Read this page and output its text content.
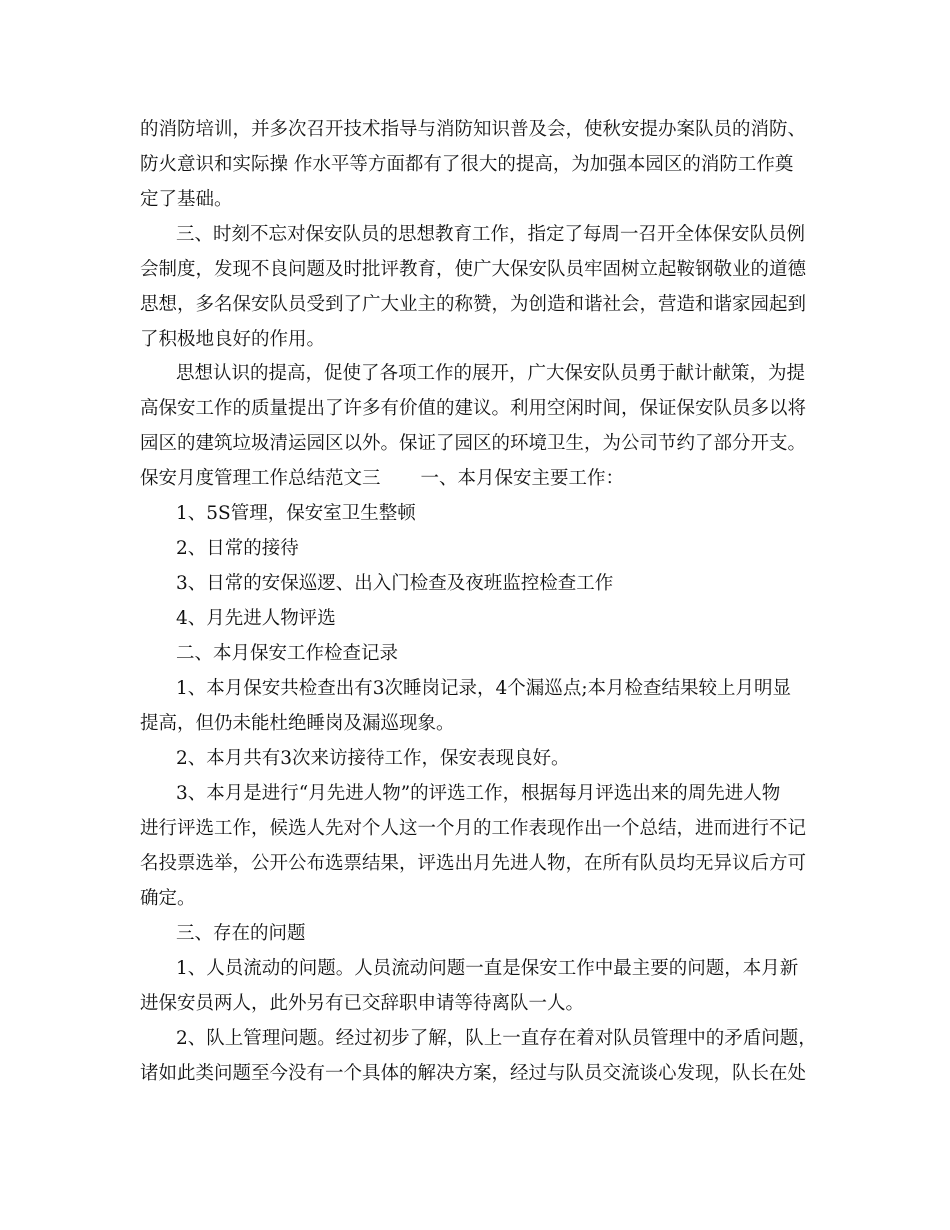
的消防培训，并多次召开技术指导与消防知识普及会，使秋安提办案队员的消防、
防火意识和实际操 作水平等方面都有了很大的提高，为加强本园区的消防工作奠
定了基础。
三、时刻不忘对保安队员的思想教育工作，指定了每周一召开全体保安队员例
会制度，发现不良问题及时批评教育，使广大保安队员牢固树立起鞍钢敬业的道德
思想，多名保安队员受到了广大业主的称赞，为创造和谐社会，营造和谐家园起到
了积极地良好的作用。
思想认识的提高，促使了各项工作的展开，广大保安队员勇于献计献策，为提
高保安工作的质量提出了许多有价值的建议。利用空闲时间，保证保安队员多以将
园区的建筑垃圾清运园区以外。保证了园区的环境卫生，为公司节约了部分开支。
保安月度管理工作总结范文三 一、本月保安主要工作：
1、5S管理，保安室卫生整顿
2、日常的接待
3、日常的安保巡逻、出入门检查及夜班监控检查工作
4、月先进人物评选
二、本月保安工作检查记录
1、本月保安共检查出有3次睡岗记录，4个漏巡点;本月检查结果较上月明显
提高，但仍未能杜绝睡岗及漏巡现象。
2、本月共有3次来访接待工作，保安表现良好。
3、本月是进行“月先进人物”的评选工作，根据每月评选出来的周先进人物
进行评选工作，候选人先对个人这一个月的工作表现作出一个总结，进而进行不记
名投票选举，公开公布选票结果，评选出月先进人物，在所有队员均无异议后方可
确定。
三、存在的问题
1、人员流动的问题。人员流动问题一直是保安工作中最主要的问题，本月新
进保安员两人，此外另有已交辞职申请等待离队一人。
2、队上管理问题。经过初步了解，队上一直存在着对队员管理中的矛盾问题，
诸如此类问题至今没有一个具体的解决方案，经过与队员交流谈心发现，队长在处
